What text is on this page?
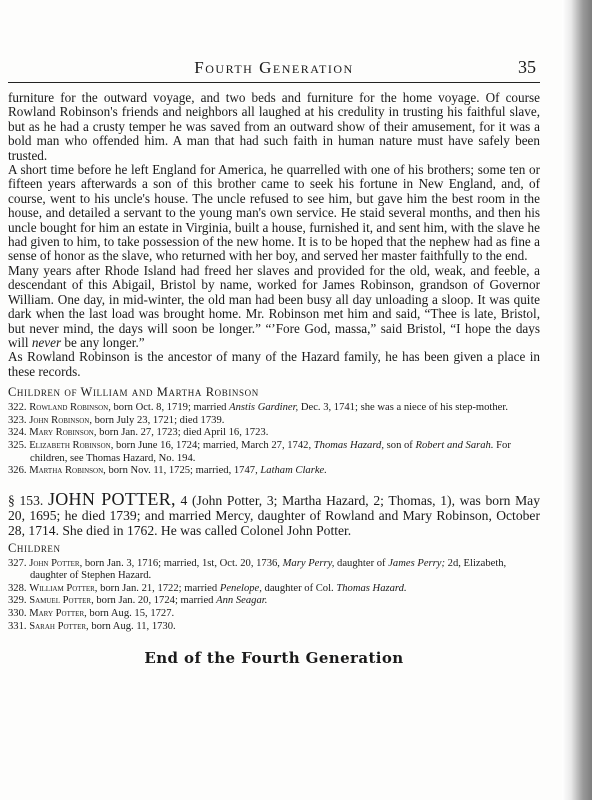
Fourth Generation	35

furniture for the outward voyage, and two beds and furniture for the home voyage. Of course Rowland Robinson's friends and neighbors all laughed at his credulity in trusting his faithful slave, but as he had a crusty temper he was saved from an outward show of their amusement, for it was a bold man who offended him. A man that had such faith in human nature must have safely been trusted.

A short time before he left England for America, he quarrelled with one of his brothers; some ten or fifteen years afterwards a son of this brother came to seek his fortune in New England, and, of course, went to his uncle's house. The uncle refused to see him, but gave him the best room in the house, and detailed a servant to the young man's own service. He staid several months, and then his uncle bought for him an estate in Virginia, built a house, furnished it, and sent him, with the slave he had given to him, to take possession of the new home. It is to be hoped that the nephew had as fine a sense of honor as the slave, who returned with her boy, and served her master faithfully to the end.

Many years after Rhode Island had freed her slaves and provided for the old, weak, and feeble, a descendant of this Abigail, Bristol by name, worked for James Robinson, grandson of Governor William. One day, in mid-winter, the old man had been busy all day unloading a sloop. It was quite dark when the last load was brought home. Mr. Robinson met him and said, “Thee is late, Bristol, but never mind, the days will soon be longer.” “’Fore God, massa,” said Bristol, “I hope the days will never be any longer.”

As Rowland Robinson is the ancestor of many of the Hazard family, he has been given a place in these records.

Children of William and Martha Robinson
322. Rowland Robinson, born Oct. 8, 1719; married Anstis Gardiner, Dec. 3, 1741; she was a niece of his step-mother.
323. John Robinson, born July 23, 1721; died 1739.
324. Mary Robinson, born Jan. 27, 1723; died April 16, 1723.
325. Elizabeth Robinson, born June 16, 1724; married, March 27, 1742, Thomas Hazard, son of Robert and Sarah. For children, see Thomas Hazard, No. 194.
326. Martha Robinson, born Nov. 11, 1725; married, 1747, Latham Clarke.
§ 153. JOHN POTTER, 4 (John Potter, 3; Martha Hazard, 2; Thomas, 1), was born May 20, 1695; he died 1739; and married Mercy, daughter of Rowland and Mary Robinson, October 28, 1714. She died in 1762. He was called Colonel John Potter.
Children
327. John Potter, born Jan. 3, 1716; married, 1st, Oct. 20, 1736, Mary Perry, daughter of James Perry; 2d, Elizabeth, daughter of Stephen Hazard.
328. William Potter, born Jan. 21, 1722; married Penelope, daughter of Col. Thomas Hazard.
329. Samuel Potter, born Jan. 20, 1724; married Ann Seagar.
330. Mary Potter, born Aug. 15, 1727.
331. Sarah Potter, born Aug. 11, 1730.
End of the Fourth Generation
